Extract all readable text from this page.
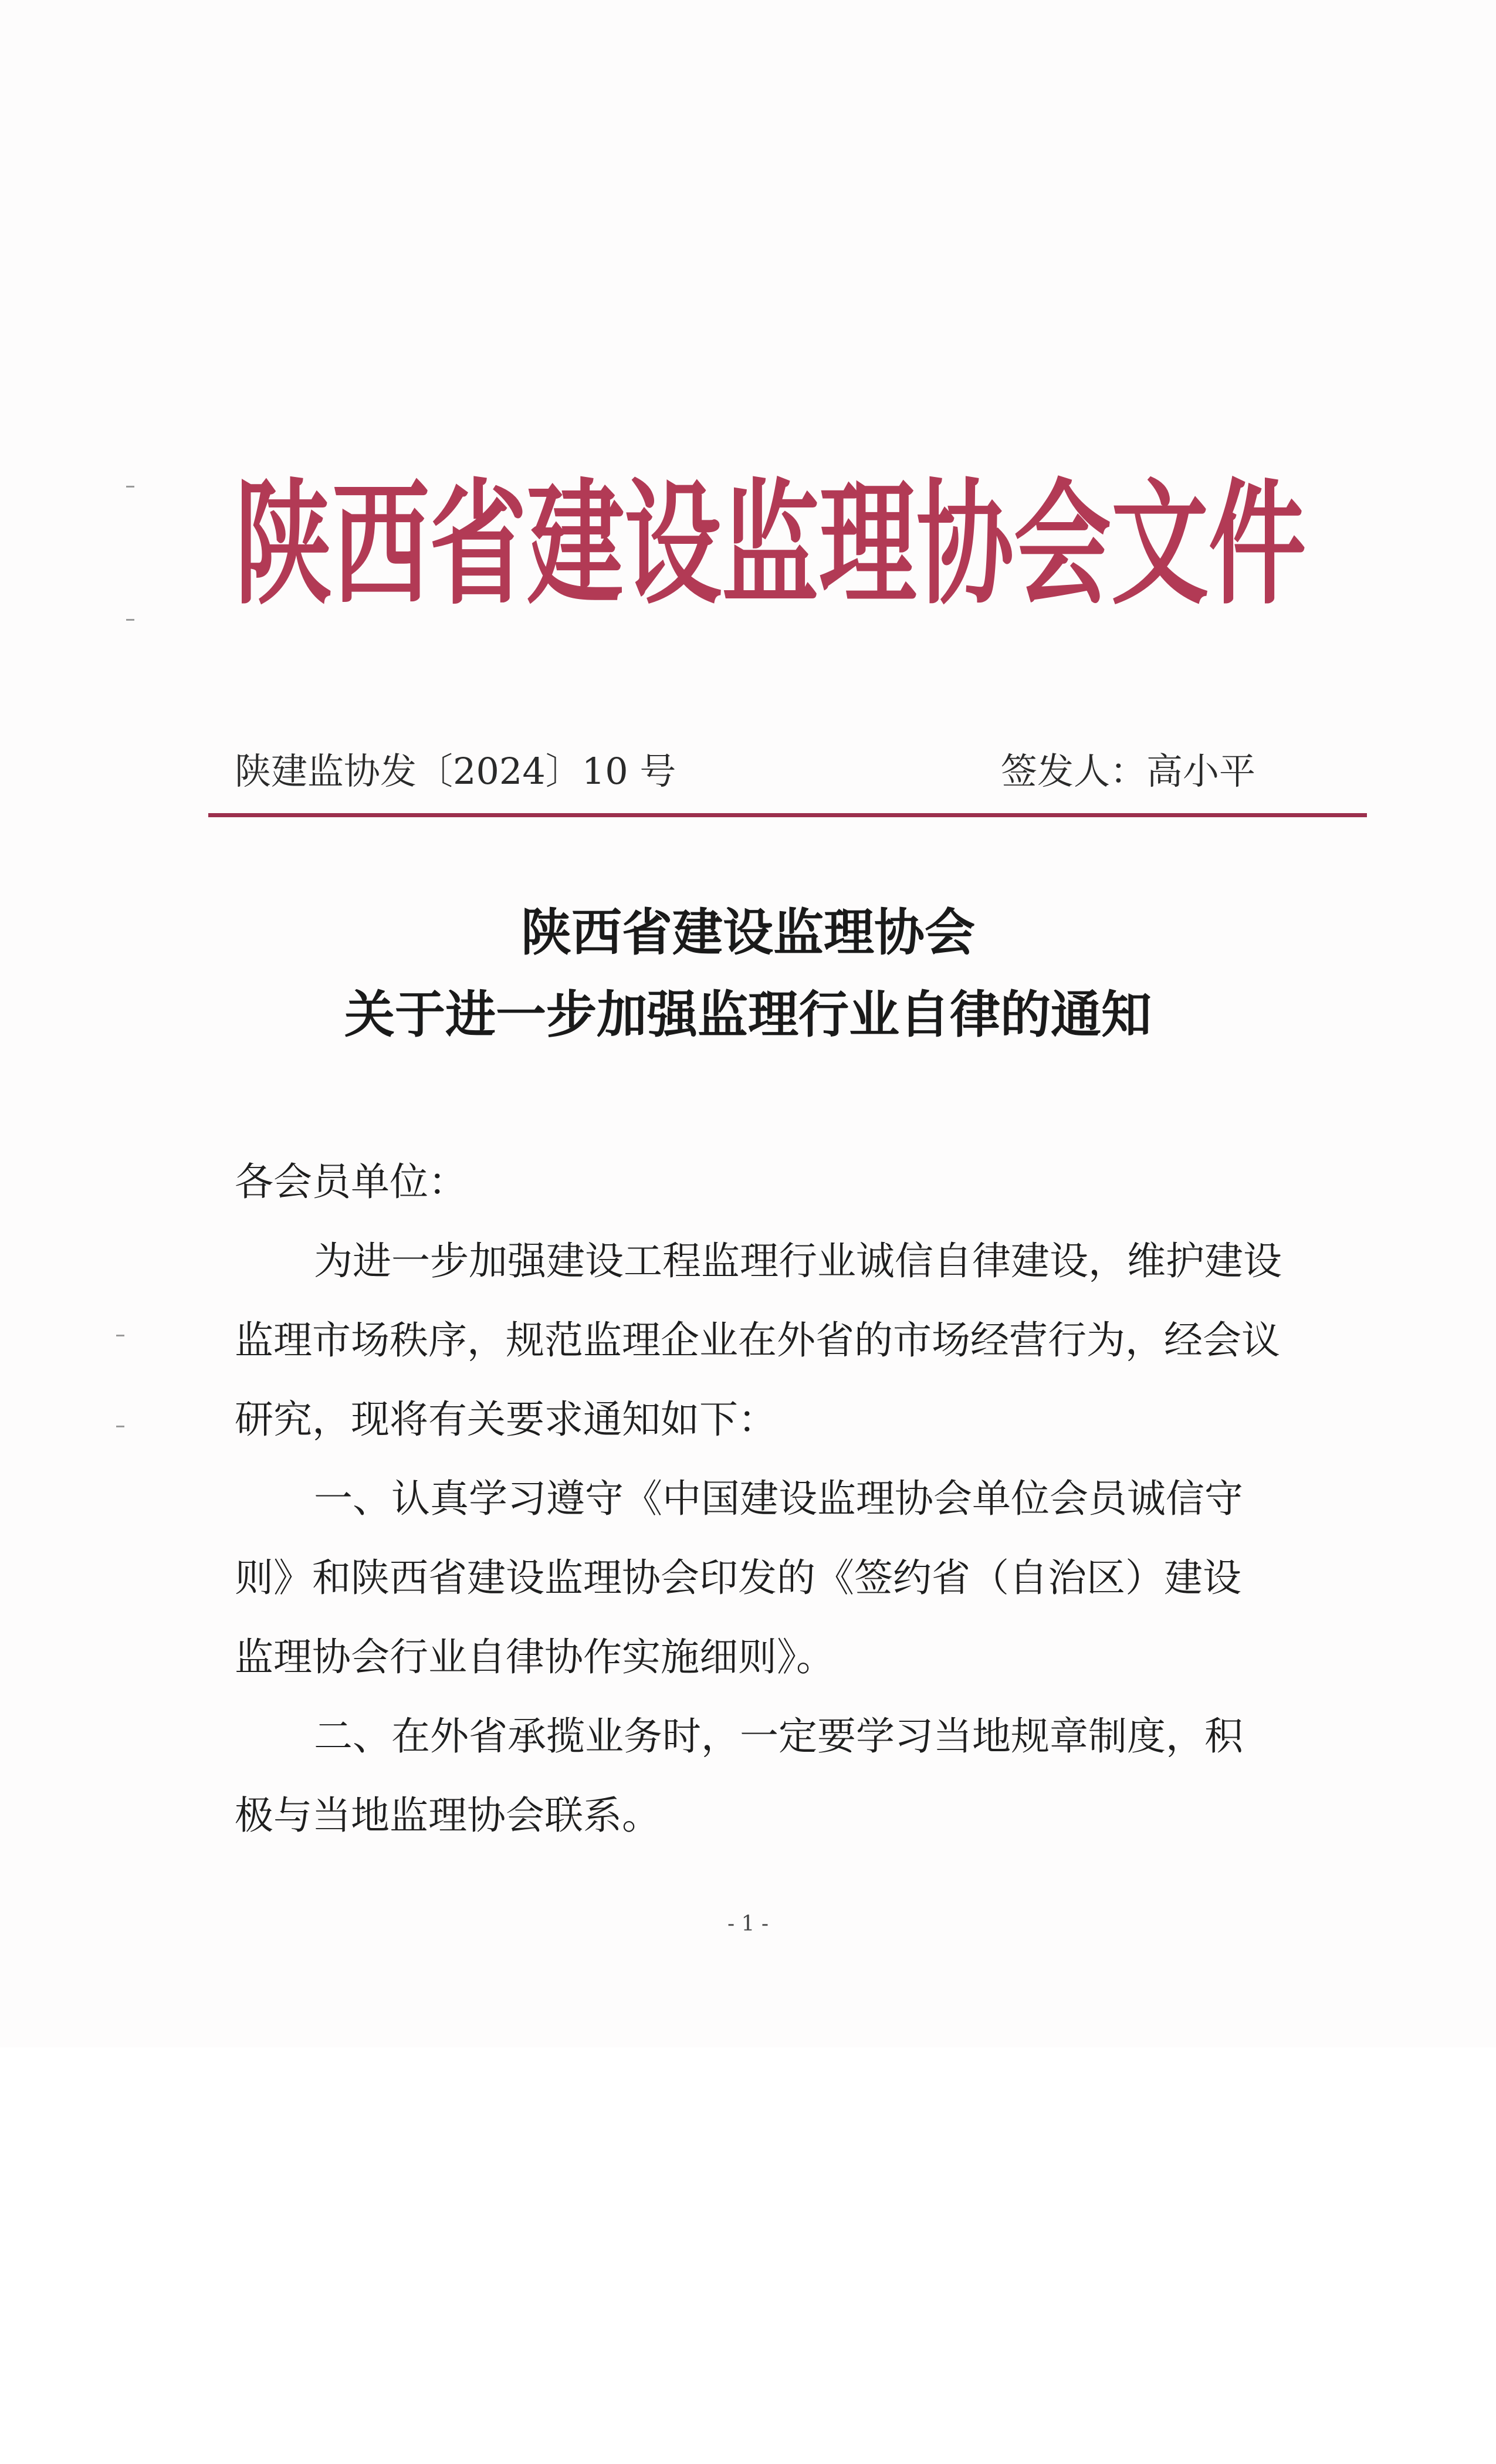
陕西省建设监理协会文件
陕建监协发〔2024〕10 号	签发人：高小平
陕西省建设监理协会
关于进一步加强监理行业自律的通知
各会员单位：
为进一步加强建设工程监理行业诚信自律建设，维护建设
监理市场秩序，规范监理企业在外省的市场经营行为，经会议
研究，现将有关要求通知如下：
一、认真学习遵守《中国建设监理协会单位会员诚信守
则》和陕西省建设监理协会印发的《签约省（自治区）建设
监理协会行业自律协作实施细则》。
二、在外省承揽业务时，一定要学习当地规章制度，积
极与当地监理协会联系。
- 1 -
